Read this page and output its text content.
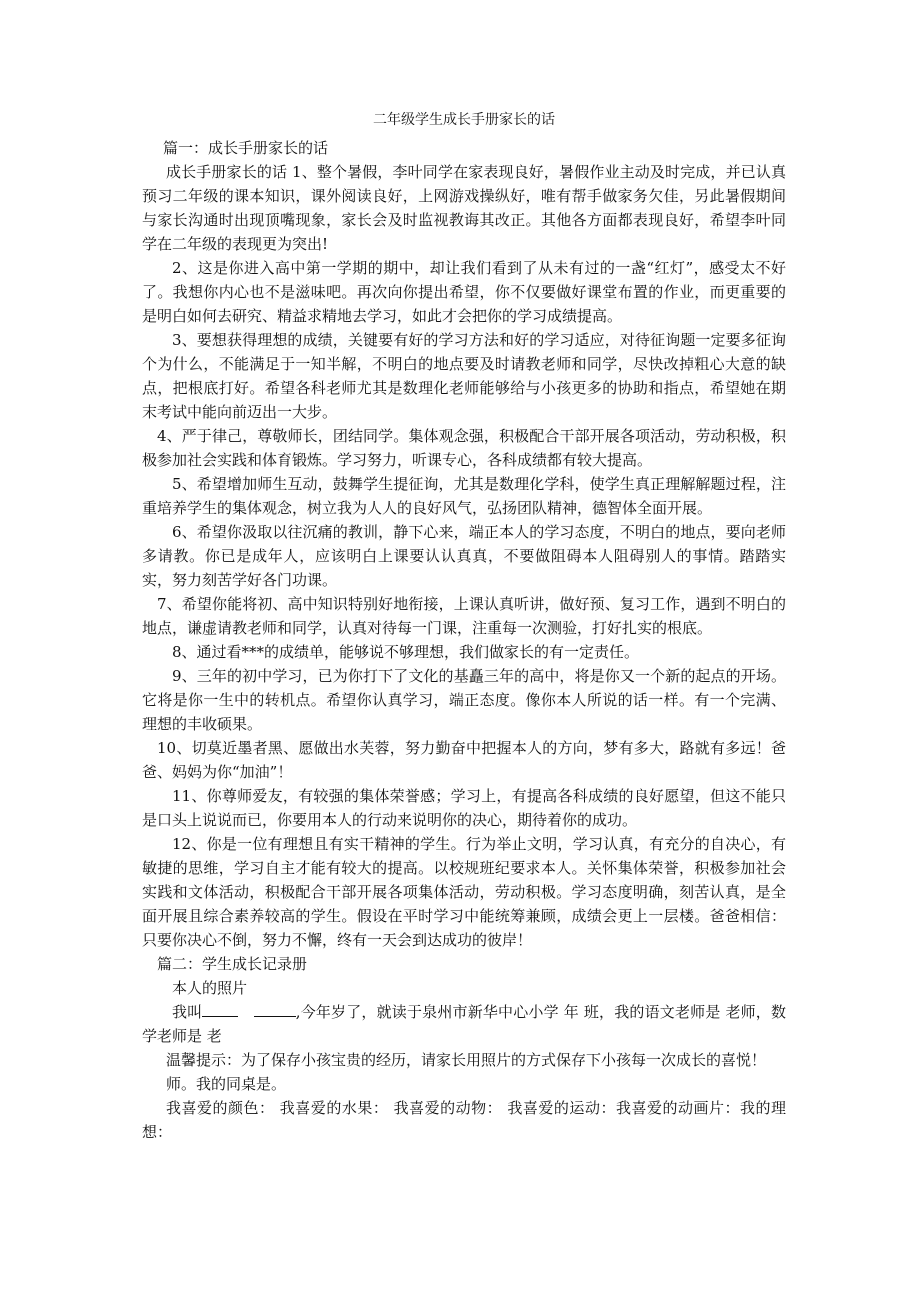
二年级学生成长手册家长的话

篇一：成长手册家长的话

成长手册家长的话 1、整个暑假，李叶同学在家表现良好，暑假作业主动及时完成，并已认真预习二年级的课本知识，课外阅读良好，上网游戏操纵好，唯有帮手做家务欠佳，另此暑假期间与家长沟通时出现顶嘴现象，家长会及时监视教诲其改正。其他各方面都表现良好，希望李叶同学在二年级的表现更为突出!

2、这是你进入高中第一学期的期中，却让我们看到了从未有过的一盏“红灯”，感受太不好了。我想你内心也不是滋味吧。再次向你提出希望，你不仅要做好课堂布置的作业，而更重要的是明白如何去研究、精益求精地去学习，如此才会把你的学习成绩提高。

3、要想获得理想的成绩，关键要有好的学习方法和好的学习适应，对待征询题一定要多征询个为什么，不能满足于一知半解，不明白的地点要及时请教老师和同学，尽快改掉粗心大意的缺点，把根底打好。希望各科老师尤其是数理化老师能够给与小孩更多的协助和指点，希望她在期末考试中能向前迈出一大步。

4、严于律己，尊敬师长，团结同学。集体观念强，积极配合干部开展各项活动，劳动积极，积极参加社会实践和体育锻炼。学习努力，听课专心，各科成绩都有较大提高。

5、希望增加师生互动，鼓舞学生提征询，尤其是数理化学科，使学生真正理解解题过程，注重培养学生的集体观念，树立我为人人的良好风气，弘扬团队精神，德智体全面开展。

6、希望你汲取以往沉痛的教训，静下心来，端正本人的学习态度，不明白的地点，要向老师多请教。你已是成年人，应该明白上课要认认真真，不要做阻碍本人阻碍别人的事情。踏踏实实，努力刻苦学好各门功课。

7、希望你能将初、高中知识特别好地衔接，上课认真听讲，做好预、复习工作，遇到不明白的地点，谦虚请教老师和同学，认真对待每一门课，注重每一次测验，打好扎实的根底。

8、通过看***的成绩单，能够说不够理想，我们做家长的有一定责任。

9、三年的初中学习，已为你打下了文化的基矗三年的高中，将是你又一个新的起点的开场。它将是你一生中的转机点。希望你认真学习，端正态度。像你本人所说的话一样。有一个完满、理想的丰收硕果。

10、切莫近墨者黑、愿做出水芙蓉，努力勤奋中把握本人的方向，梦有多大，路就有多远！爸爸、妈妈为你“加油”！

11、你尊师爱友，有较强的集体荣誉感；学习上，有提高各科成绩的良好愿望，但这不能只是口头上说说而已，你要用本人的行动来说明你的决心，期待着你的成功。

12、你是一位有理想且有实干精神的学生。行为举止文明，学习认真，有充分的自决心，有敏捷的思维，学习自主才能有较大的提高。以校规班纪要求本人。关怀集体荣誉，积极参加社会实践和文体活动，积极配合干部开展各项集体活动，劳动积极。学习态度明确，刻苦认真，是全面开展且综合素养较高的学生。假设在平时学习中能统筹兼顾，成绩会更上一层楼。爸爸相信：只要你决心不倒，努力不懈，终有一天会到达成功的彼岸！

篇二：学生成长记录册

本人的照片

我叫　	,今年岁了，就读于泉州市新华中心小学 年 班，我的语文老师是 老师，数学老师是 老

温馨提示：为了保存小孩宝贵的经历，请家长用照片的方式保存下小孩每一次成长的喜悦！

师。我的同桌是。

我喜爱的颜色： 我喜爱的水果： 我喜爱的动物： 我喜爱的运动：我喜爱的动画片：我的理想：
